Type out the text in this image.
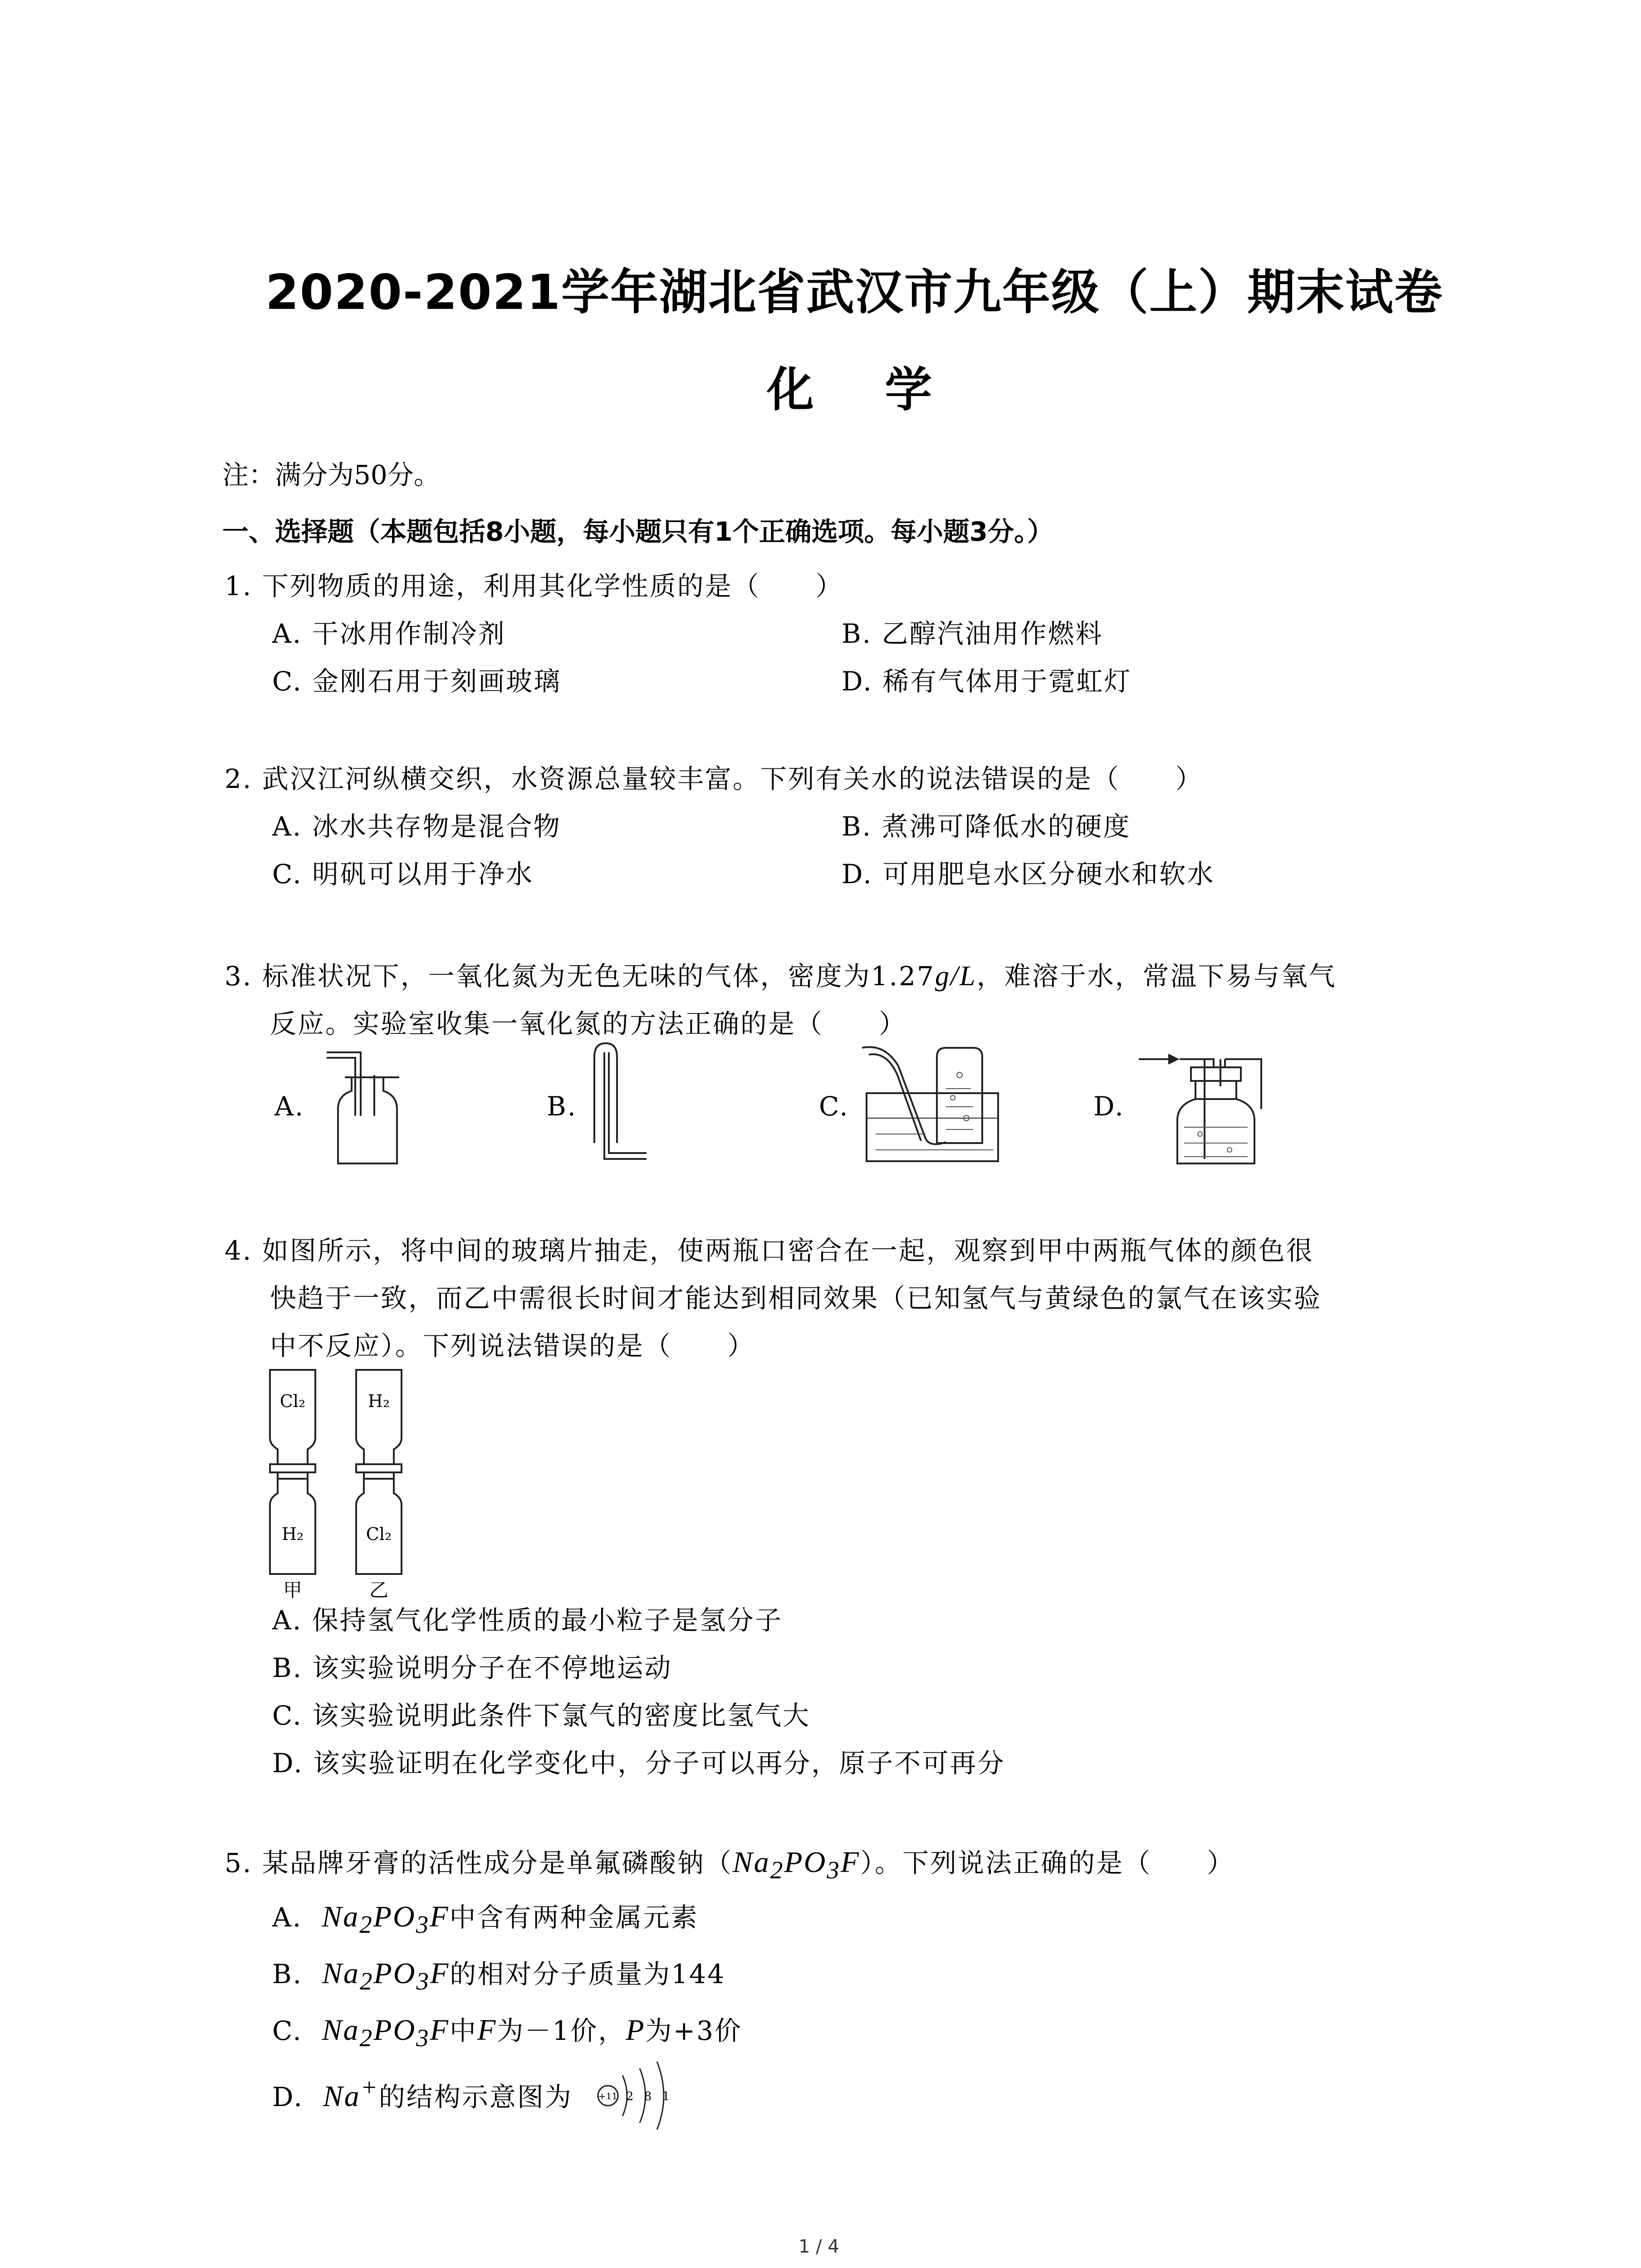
2020-2021学年湖北省武汉市九年级（上）期末试卷
化 学
注：满分为50分。
一、选择题（本题包括8小题，每小题只有1个正确选项。每小题3分。）
1. 下列物质的用途，利用其化学性质的是（　　）
A. 干冰用作制冷剂	B. 乙醇汽油用作燃料
C. 金刚石用于刻画玻璃	D. 稀有气体用于霓虹灯
2. 武汉江河纵横交织，水资源总量较丰富。下列有关水的说法错误的是（　　）
A. 冰水共存物是混合物	B. 煮沸可降低水的硬度
C. 明矾可以用于净水	D. 可用肥皂水区分硬水和软水
3. 标准状况下，一氧化氮为无色无味的气体，密度为1.27g/L，难溶于水，常温下易与氧气
反应。实验室收集一氧化氮的方法正确的是（　　）
A.	B.	C.	D.
4. 如图所示，将中间的玻璃片抽走，使两瓶口密合在一起，观察到甲中两瓶气体的颜色很
快趋于一致，而乙中需很长时间才能达到相同效果（已知氢气与黄绿色的氯气在该实验
中不反应）。下列说法错误的是（　　）
Cl₂
H₂
H₂
Cl₂
甲	乙
A. 保持氢气化学性质的最小粒子是氢分子
B. 该实验说明分子在不停地运动
C. 该实验说明此条件下氯气的密度比氢气大
D. 该实验证明在化学变化中，分子可以再分，原子不可再分
5. 某品牌牙膏的活性成分是单氟磷酸钠$(Na_2PO_3F)$。下列说法正确的是（　　）
A. $Na_2PO_3F$中含有两种金属元素
B. $Na_2PO_3F$的相对分子质量为144
C. $Na_2PO_3F$中F为－1价，P为+3价
D. Na+的结构示意图为	+11 2 8 1
1 / 4
